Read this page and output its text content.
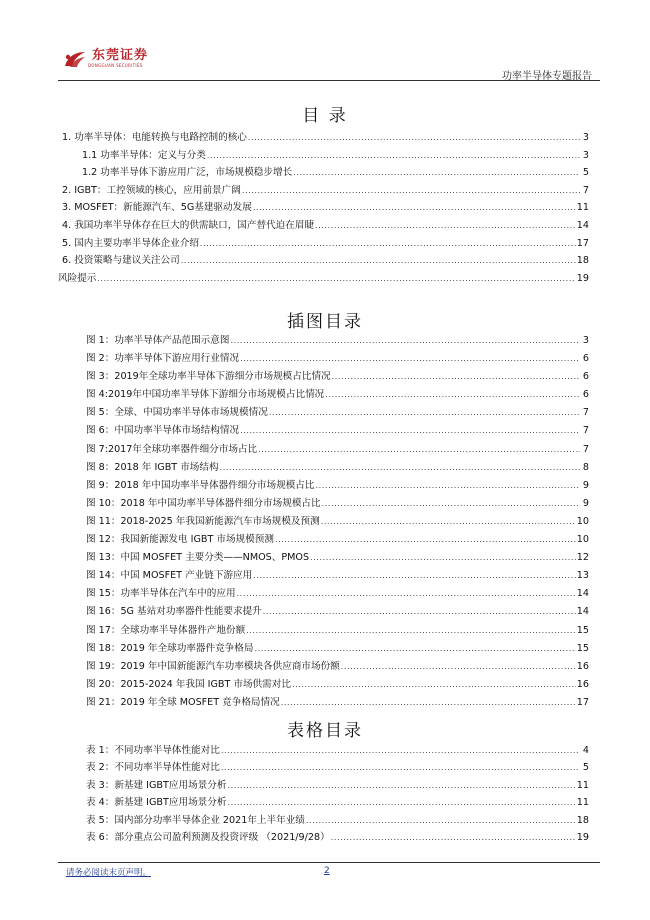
东莞证券
DONGGUAN SECURITIES
功率半导体专题报告
目 录
1. 功率半导体：电能转换与电路控制的核心 .....	3
1.1 功率半导体：定义与分类 .....	3
1.2 功率半导体下游应用广泛，市场规模稳步增长 .....	5
2. IGBT：工控领域的核心，应用前景广阔 .....	7
3. MOSFET：新能源汽车、5G基建驱动发展 .....	11
4. 我国功率半导体存在巨大的供需缺口，国产替代迫在眉睫 .....	14
5. 国内主要功率半导体企业介绍 .....	17
6. 投资策略与建议关注公司 .....	18
风险提示 .....	19
插图目录
图 1：功率半导体产品范围示意图 .....	3
图 2：功率半导体下游应用行业情况 .....	6
图 3：2019年全球功率半导体下游细分市场规模占比情况 .....	6
图 4:2019年中国功率半导体下游细分市场规模占比情况 .....	6
图 5：全球、中国功率半导体市场规模情况 .....	7
图 6：中国功率半导体市场结构情况 .....	7
图 7:2017年全球功率器件细分市场占比 .....	7
图 8：2018 年 IGBT 市场结构 .....	8
图 9：2018 年中国功率半导体器件细分市场规模占比 .....	9
图 10：2018 年中国功率半导体器件细分市场规模占比 .....	9
图 11：2018-2025 年我国新能源汽车市场规模及预测 .....	10
图 12：我国新能源发电 IGBT 市场规模预测 .....	10
图 13：中国 MOSFET 主要分类——NMOS、PMOS .....	12
图 14：中国 MOSFET 产业链下游应用 .....	13
图 15：功率半导体在汽车中的应用 .....	14
图 16：5G 基站对功率器件性能要求提升 .....	14
图 17：全球功率半导体器件产地份额 .....	15
图 18：2019 年全球功率器件竞争格局 .....	15
图 19：2019 年中国新能源汽车功率模块各供应商市场份额 .....	16
图 20：2015-2024 年我国 IGBT 市场供需对比 .....	16
图 21：2019 年全球 MOSFET 竞争格局情况 .....	17
表格目录
表 1：不同功率半导体性能对比 .....	4
表 2：不同功率半导体性能对比 .....	5
表 3：新基建 IGBT应用场景分析 .....	11
表 4：新基建 IGBT应用场景分析 .....	11
表 5：国内部分功率半导体企业 2021年上半年业绩 .....	18
表 6：部分重点公司盈利预测及投资评级 （2021/9/28） .....	19
请务必阅读末页声明。	2
